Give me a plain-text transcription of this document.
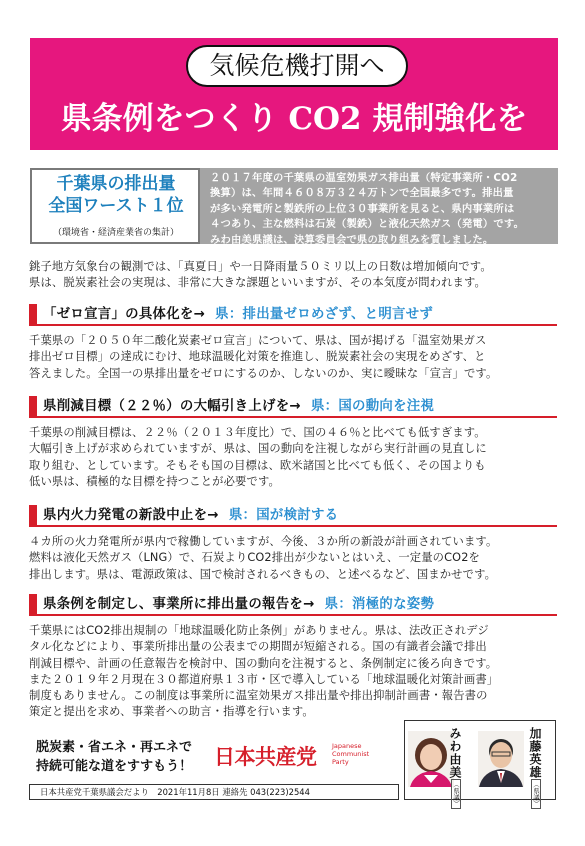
気候危機打開へ
県条例をつくり CO2 規制強化を
千葉県の排出量
全国ワースト１位
（環境省・経済産業省の集計）
２０１７年度の千葉県の温室効果ガス排出量（特定事業所・CO2
換算）は、年間４６０８万３２４万トンで全国最多です。排出量
が多い発電所と製鉄所の上位３０事業所を見ると、県内事業所は
４つあり、主な燃料は石炭（製鉄）と液化天然ガス（発電）です。
みわ由美県議は、決算委員会で県の取り組みを質しました。
銚子地方気象台の観測では、「真夏日」や一日降雨量５０ミリ以上の日数は増加傾向です。
県は、脱炭素社会の実現は、非常に大きな課題といいますが、その本気度が問われます。
「ゼロ宣言」の具体化を→ 県：排出量ゼロめざず、と明言せず
千葉県の「２０５０年二酸化炭素ゼロ宣言」について、県は、国が掲げる「温室効果ガス
排出ゼロ目標」の達成にむけ、地球温暖化対策を推進し、脱炭素社会の実現をめざす、と
答えました。全国一の県排出量をゼロにするのか、しないのか、実に曖昧な「宣言」です。
県削減目標（２２％）の大幅引き上げを→ 県：国の動向を注視
千葉県の削減目標は、２２％（２０１３年度比）で、国の４６％と比べても低すぎます。
大幅引き上げが求められていますが、県は、国の動向を注視しながら実行計画の見直しに
取り組む、としています。そもそも国の目標は、欧米諸国と比べても低く、その国よりも
低い県は、積極的な目標を持つことが必要です。
県内火力発電の新設中止を→ 県：国が検討する
４カ所の火力発電所が県内で稼働していますが、今後、３か所の新設が計画されています。
燃料は液化天然ガス（LNG）で、石炭よりCO2排出が少ないとはいえ、一定量のCO2を
排出します。県は、電源政策は、国で検討されるべきもの、と述べるなど、国まかせです。
県条例を制定し、事業所に排出量の報告を→ 県：消極的な姿勢
千葉県にはCO2排出規制の「地球温暖化防止条例」がありません。県は、法改正されデジ
タル化などにより、事業所排出量の公表までの期間が短縮される。国の有識者会議で排出
削減目標や、計画の任意報告を検討中、国の動向を注視すると、条例制定に後ろ向きです。
また２０１９年２月現在３０都道府県１３市・区で導入している「地球温暖化対策計画書」
制度もありません。この制度は事業所に温室効果ガス排出量や排出抑制計画書・報告書の
策定と提出を求め、事業者への助言・指導を行います。
脱炭素・省エネ・再エネで
持続可能な道をすすもう！	日本共産党 Japanese
Communist
Party
日本共産党千葉県議会だより　2021年11月8日 連絡先 043(223)2544
みわ由美
（県議）
加藤英雄
（県議）
